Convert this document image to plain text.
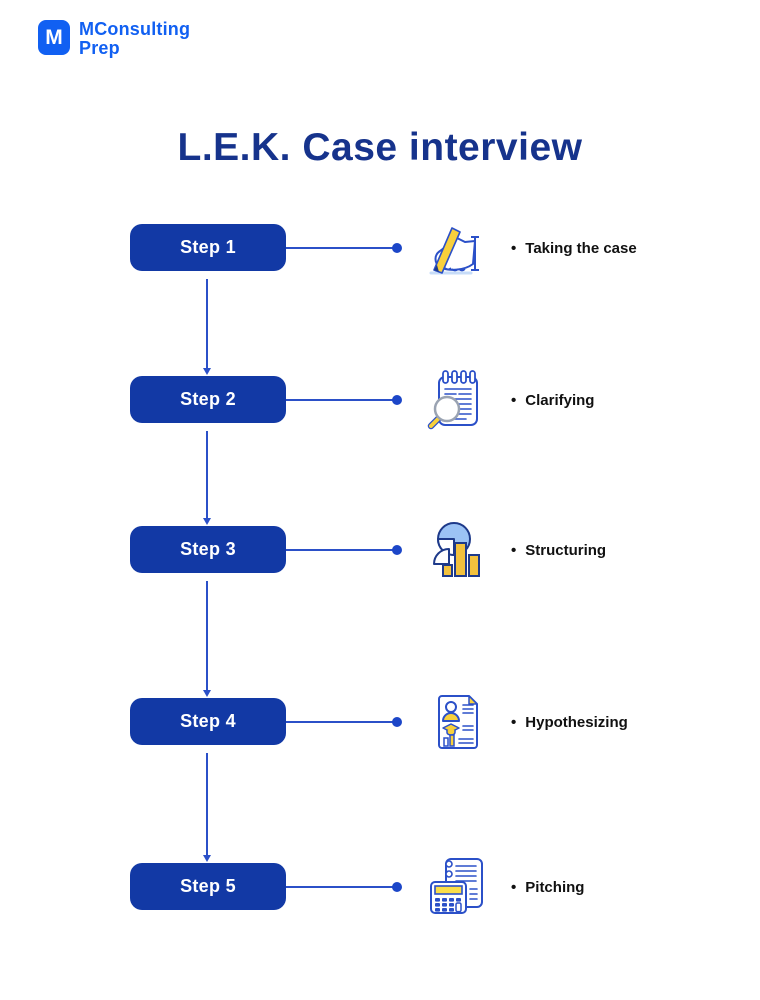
M MConsulting
Prep
L.E.K. Case interview
Step 1	• Taking the case
Step 2	• Clarifying
Step 3	• Structuring
Step 4	• Hypothesizing
Step 5	• Pitching
